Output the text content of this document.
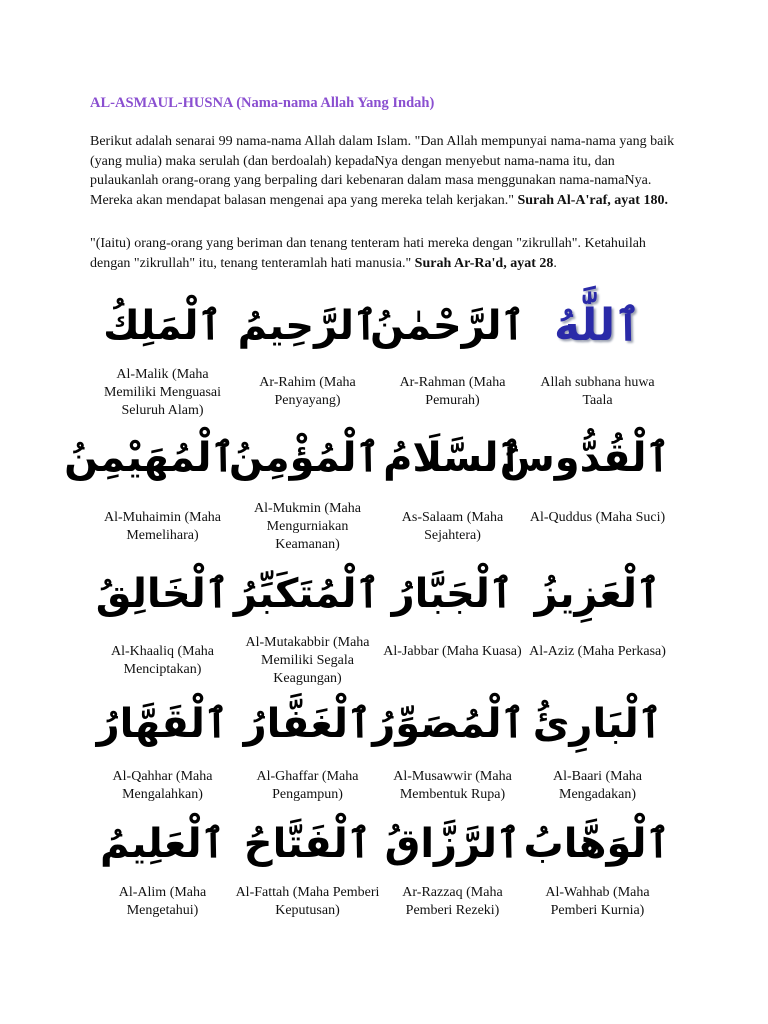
AL-ASMAUL-HUSNA (Nama-nama Allah Yang Indah)

Berikut adalah senarai 99 nama-nama Allah dalam Islam. "Dan Allah mempunyai nama-nama yang baik (yang mulia) maka serulah (dan berdoalah) kepadaNya dengan menyebut nama-nama itu, dan pulaukanlah orang-orang yang berpaling dari kebenaran dalam masa menggunakan nama-namaNya. Mereka akan mendapat balasan mengenai apa yang mereka telah kerjakan." Surah Al-A'raf, ayat 180.

"(Iaitu) orang-orang yang beriman dan tenang tenteram hati mereka dengan "zikrullah". Ketahuilah dengan "zikrullah" itu, tenang tenteramlah hati manusia." Surah Ar-Ra'd, ayat 28.

ٱلْمَلِكُ
Al-Malik (Maha Memiliki Menguasai Seluruh Alam)
ٱلرَّحِيمُ
Ar-Rahim (Maha Penyayang)
ٱلرَّحْمٰنُ
Ar-Rahman (Maha Pemurah)
ٱللَّٰهُ
Allah subhana huwa Taala
ٱلْمُهَيْمِنُ
Al-Muhaimin (Maha Memelihara)
ٱلْمُؤْمِنُ
Al-Mukmin (Maha Mengurniakan Keamanan)
ٱلسَّلَامُ
As-Salaam (Maha Sejahtera)
ٱلْقُدُّوسُ
Al-Quddus (Maha Suci)
ٱلْخَالِقُ
Al-Khaaliq (Maha Menciptakan)
ٱلْمُتَكَبِّرُ
Al-Mutakabbir (Maha Memiliki Segala Keagungan)
ٱلْجَبَّارُ
Al-Jabbar (Maha Kuasa)
ٱلْعَزِيزُ
Al-Aziz (Maha Perkasa)
ٱلْقَهَّارُ
Al-Qahhar (Maha Mengalahkan)
ٱلْغَفَّارُ
Al-Ghaffar (Maha Pengampun)
ٱلْمُصَوِّرُ
Al-Musawwir (Maha Membentuk Rupa)
ٱلْبَارِئُ
Al-Baari (Maha Mengadakan)
ٱلْعَلِيمُ
Al-Alim (Maha Mengetahui)
ٱلْفَتَّاحُ
Al-Fattah (Maha Pemberi Keputusan)
ٱلرَّزَّاقُ
Ar-Razzaq (Maha Pemberi Rezeki)
ٱلْوَهَّابُ
Al-Wahhab (Maha Pemberi Kurnia)
